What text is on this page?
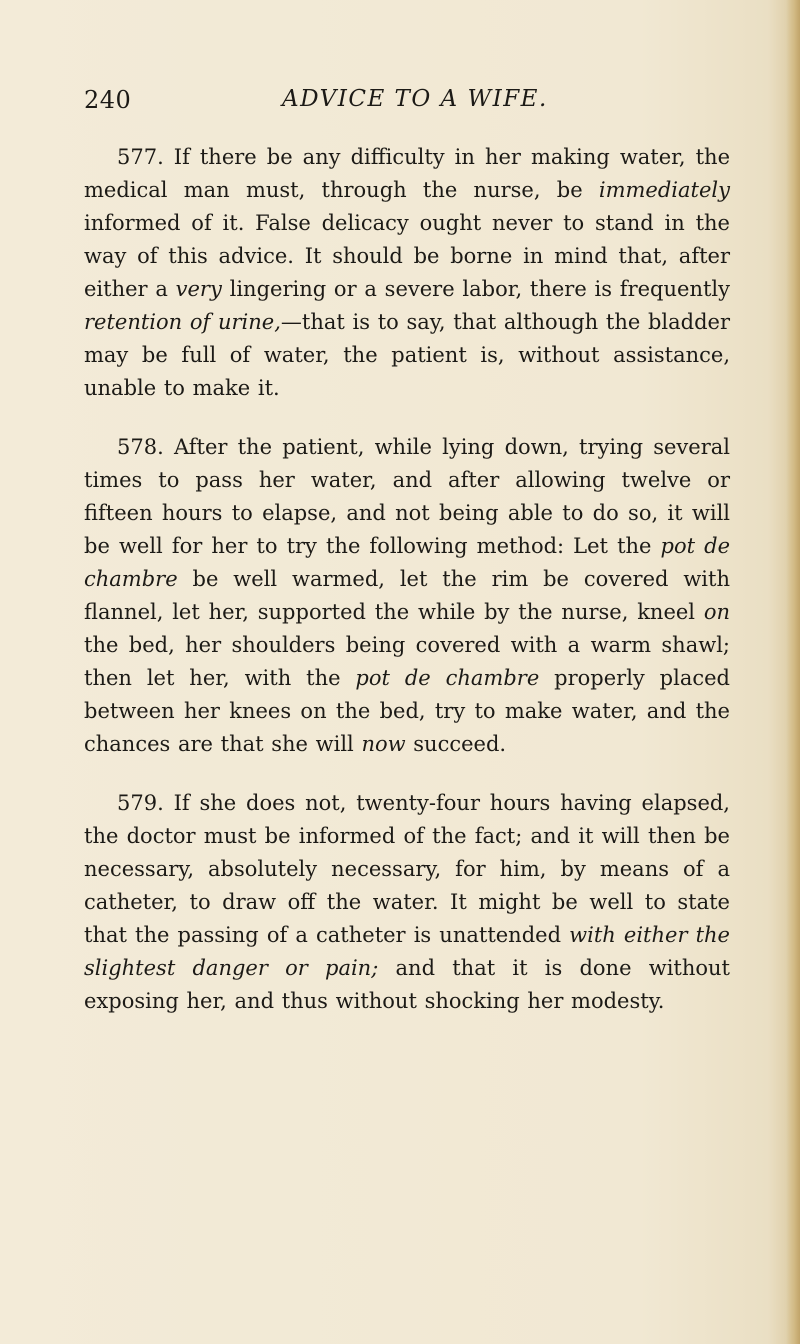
240	ADVICE TO A WIFE.

577. If there be any difficulty in her making water, the medical man must, through the nurse, be immediately informed of it. False delicacy ought never to stand in the way of this advice. It should be borne in mind that, after either a very lingering or a severe labor, there is frequently retention of urine,—that is to say, that although the bladder may be full of water, the patient is, without assistance, unable to make it.

578. After the patient, while lying down, trying several times to pass her water, and after allowing twelve or fifteen hours to elapse, and not being able to do so, it will be well for her to try the following method: Let the pot de chambre be well warmed, let the rim be covered with flannel, let her, supported the while by the nurse, kneel on the bed, her shoulders being covered with a warm shawl; then let her, with the pot de chambre properly placed between her knees on the bed, try to make water, and the chances are that she will now succeed.

579. If she does not, twenty-four hours having elapsed, the doctor must be informed of the fact; and it will then be necessary, absolutely necessary, for him, by means of a catheter, to draw off the water. It might be well to state that the passing of a catheter is unattended with either the slightest danger or pain; and that it is done without exposing her, and thus without shocking her modesty.
